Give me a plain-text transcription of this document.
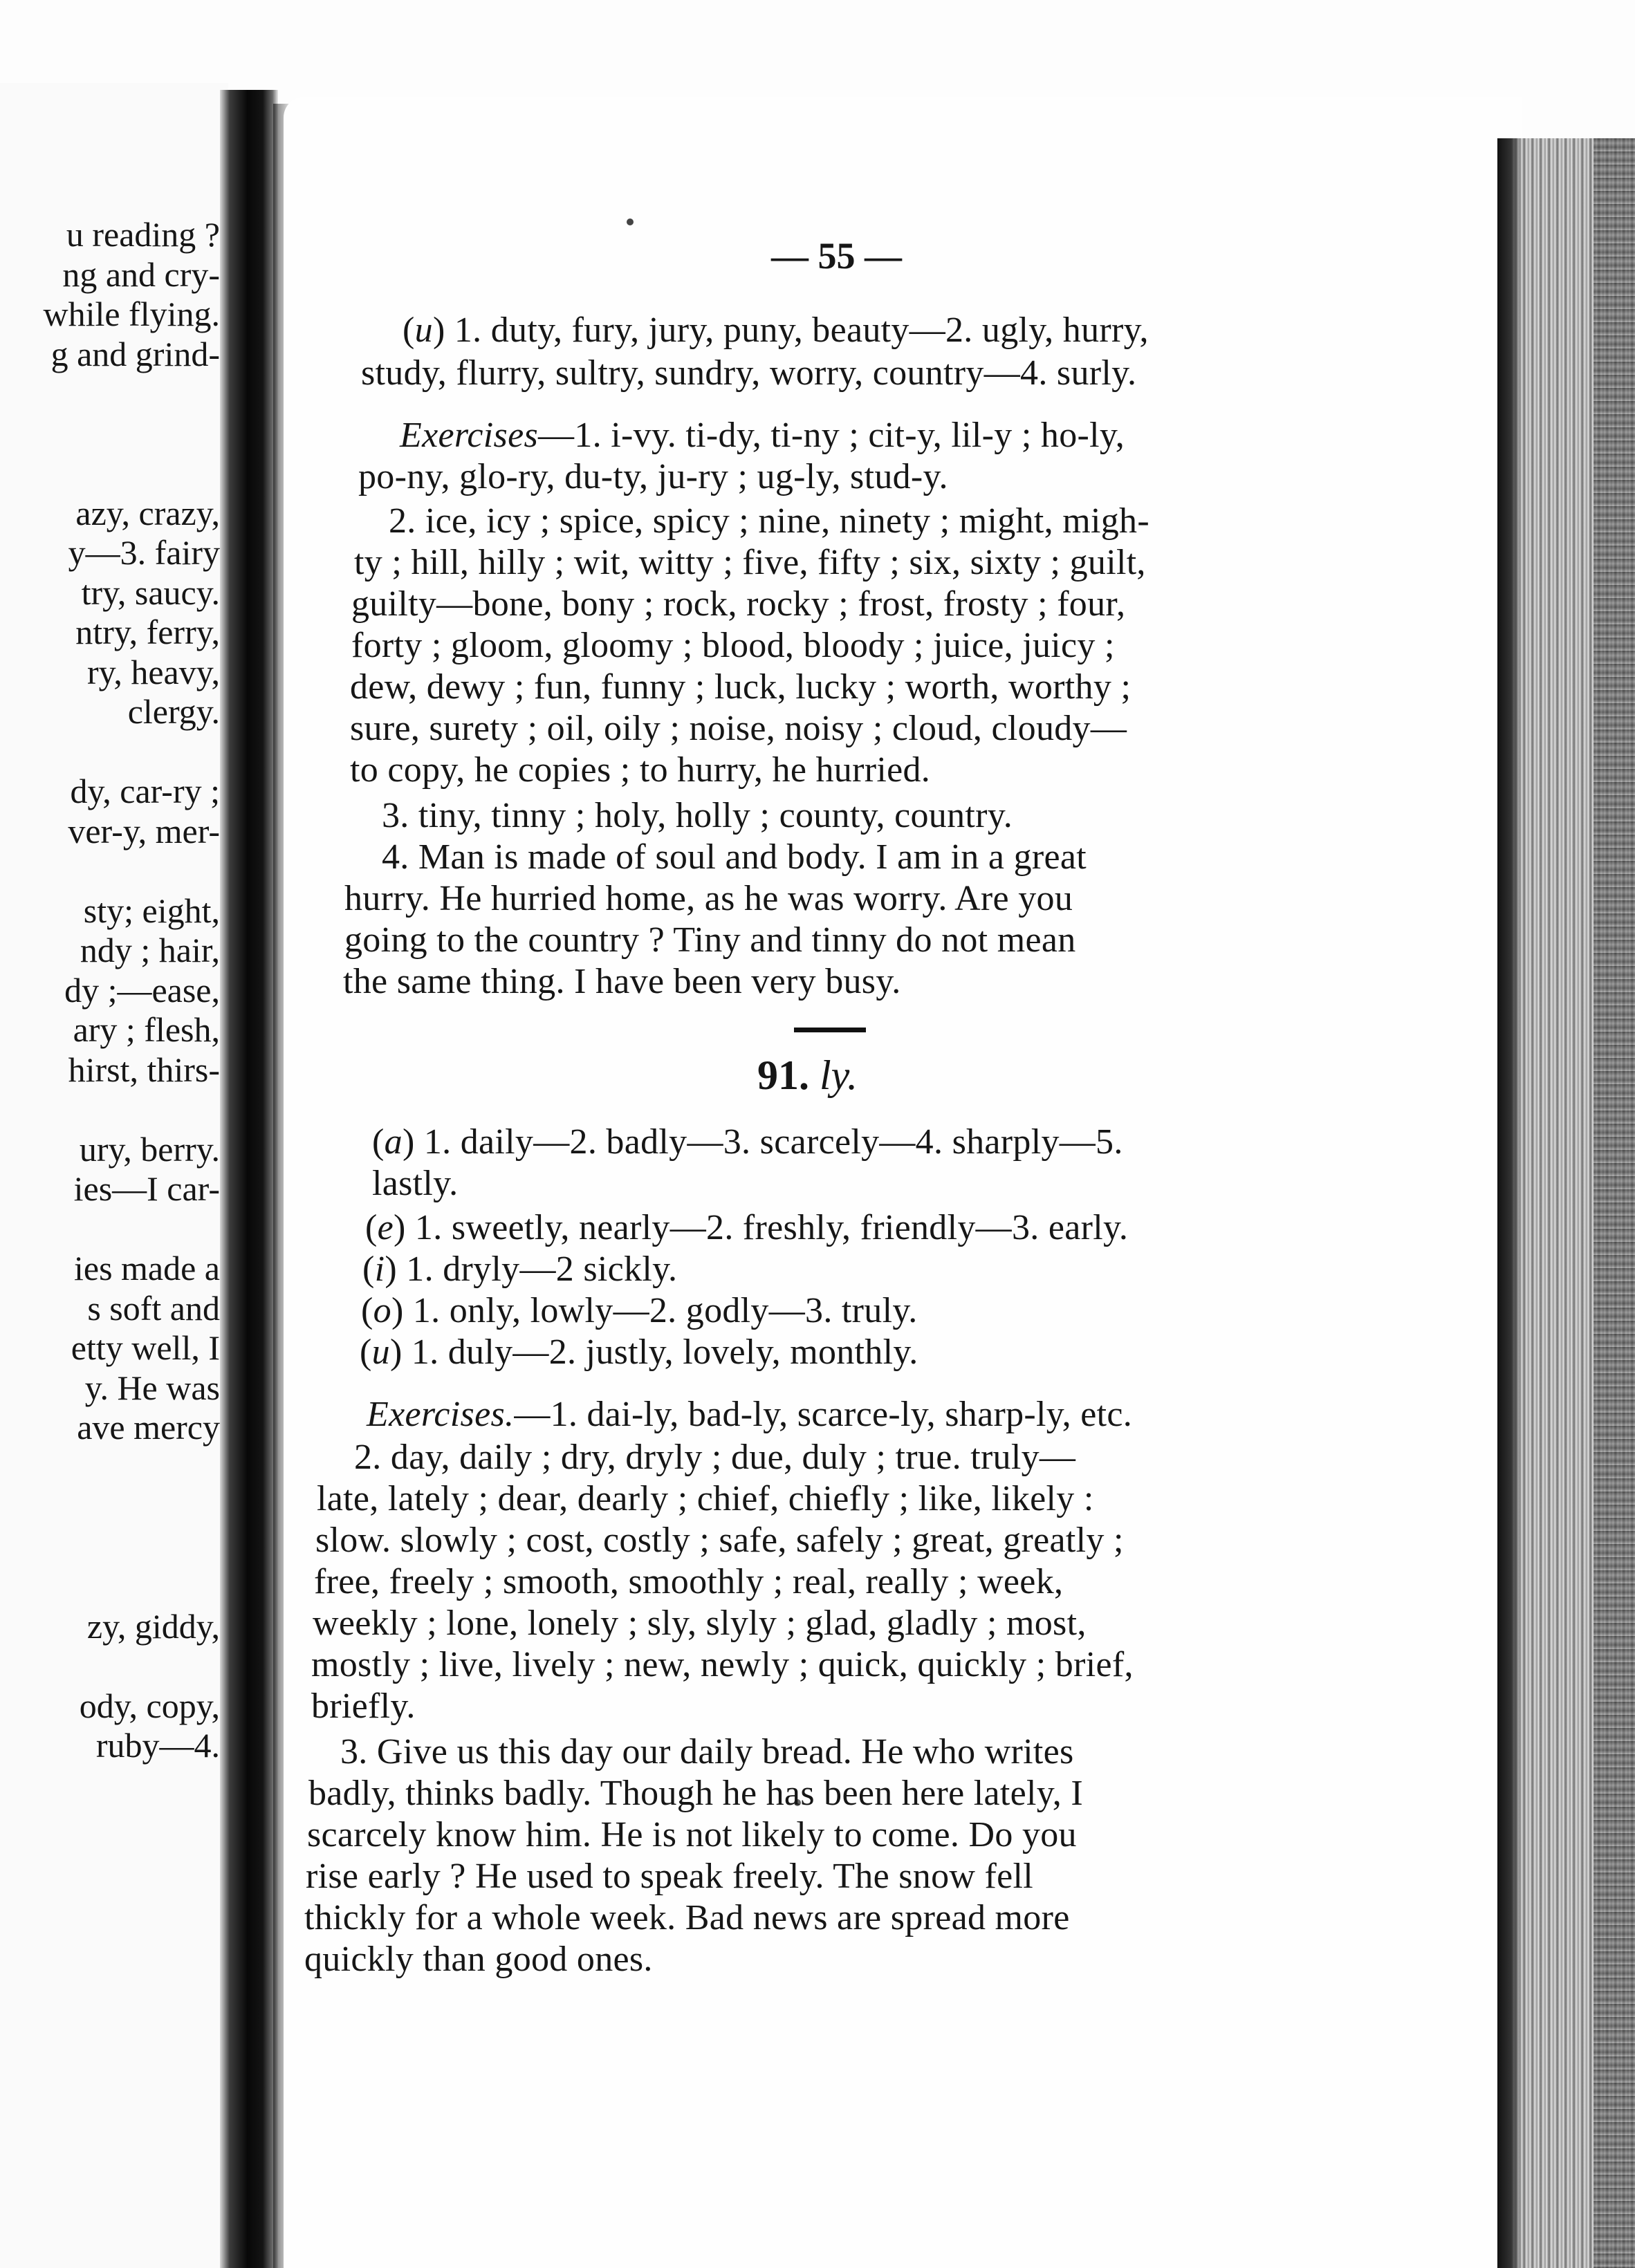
u reading ?
ng and cry-
while flying.
g and grind-
azy, crazy,
y—3. fairy
try, saucy.
ntry, ferry,
ry, heavy,
clergy.
dy, car-ry ;
ver-y, mer-
sty; eight,
ndy ; hair,
dy ;—ease,
ary ; flesh,
hirst, thirs-
ury, berry.
ies—I car-
ies made a
s soft and
etty well, I
y. He was
ave mercy
zy, giddy,
ody, copy,
ruby—4.
— 55 —
(u) 1. duty, fury, jury, puny, beauty—2. ugly, hurry,
study, flurry, sultry, sundry, worry, country—4. surly.
Exercises—1. i-vy. ti-dy, ti-ny ; cit-y, lil-y ; ho-ly,
po-ny, glo-ry, du-ty, ju-ry ; ug-ly, stud-y.
2. ice, icy ; spice, spicy ; nine, ninety ; might, migh-
ty ; hill, hilly ; wit, witty ; five, fifty ; six, sixty ; guilt,
guilty—bone, bony ; rock, rocky ; frost, frosty ; four,
forty ; gloom, gloomy ; blood, bloody ; juice, juicy ;
dew, dewy ; fun, funny ; luck, lucky ; worth, worthy ;
sure, surety ; oil, oily ; noise, noisy ; cloud, cloudy—
to copy, he copies ; to hurry, he hurried.
3. tiny, tinny ; holy, holly ; county, country.
4. Man is made of soul and body. I am in a great
hurry. He hurried home, as he was worry. Are you
going to the country ? Tiny and tinny do not mean
the same thing. I have been very busy.
(a) 1. daily—2. badly—3. scarcely—4. sharply—5.
lastly.
(e) 1. sweetly, nearly—2. freshly, friendly—3. early.
(i) 1. dryly—2 sickly.
(o) 1. only, lowly—2. godly—3. truly.
(u) 1. duly—2. justly, lovely, monthly.
Exercises.—1. dai-ly, bad-ly, scarce-ly, sharp-ly, etc.
2. day, daily ; dry, dryly ; due, duly ; true. truly—
late, lately ; dear, dearly ; chief, chiefly ; like, likely :
slow. slowly ; cost, costly ; safe, safely ; great, greatly ;
free, freely ; smooth, smoothly ; real, really ; week,
weekly ; lone, lonely ; sly, slyly ; glad, gladly ; most,
mostly ; live, lively ; new, newly ; quick, quickly ; brief,
briefly.
3. Give us this day our daily bread. He who writes
badly, thinks badly. Though he has been here lately, I
scarcely know him. He is not likely to come. Do you
rise early ? He used to speak freely. The snow fell
thickly for a whole week. Bad news are spread more
quickly than good ones.
91. ly.
